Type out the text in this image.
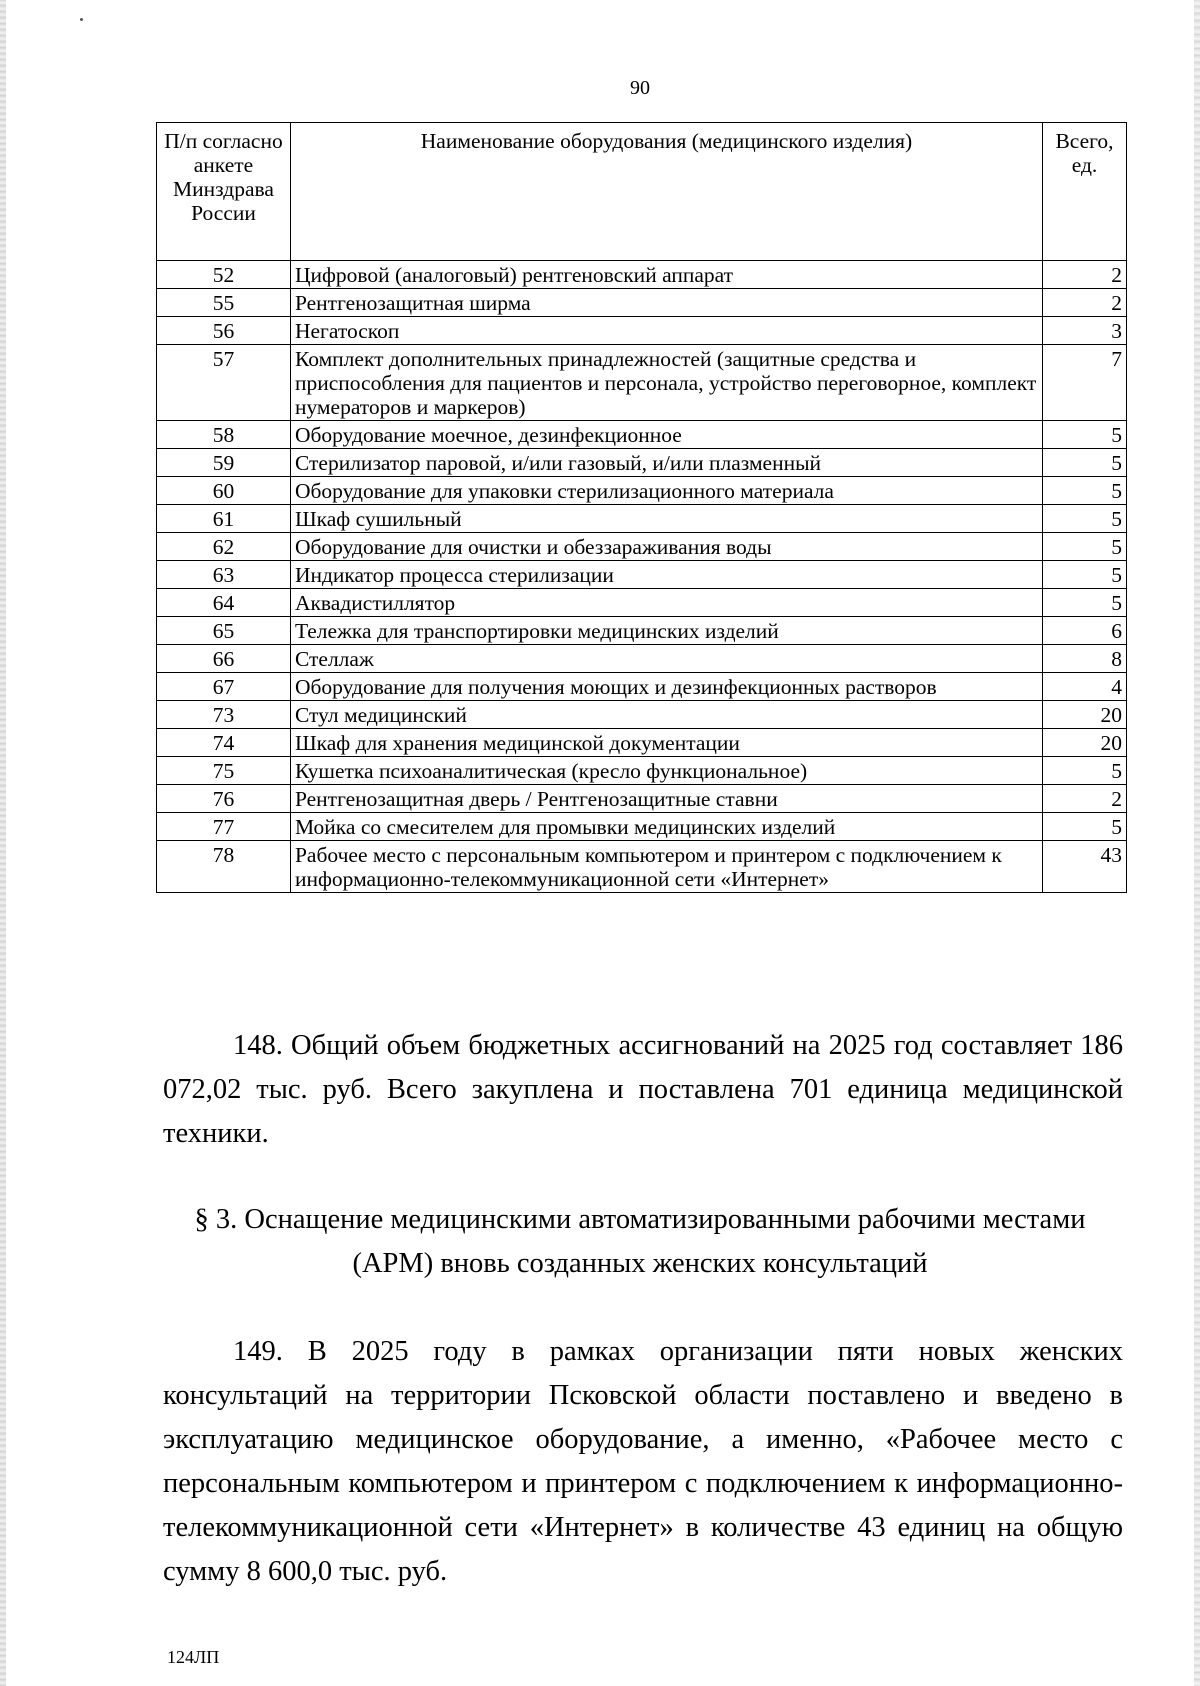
90
П/п согласно анкете Минздрава России	Наименование оборудования (медицинского изделия)	Всего, ед.
52	Цифровой (аналоговый) рентгеновский аппарат	2
55	Рентгенозащитная ширма	2
56	Негатоскоп	3
57	Комплект дополнительных принадлежностей (защитные средства и приспособления для пациентов и персонала, устройство переговорное, комплект нумераторов и маркеров)	7
58	Оборудование моечное, дезинфекционное	5
59	Стерилизатор паровой, и/или газовый, и/или плазменный	5
60	Оборудование для упаковки стерилизационного материала	5
61	Шкаф сушильный	5
62	Оборудование для очистки и обеззараживания воды	5
63	Индикатор процесса стерилизации	5
64	Аквадистиллятор	5
65	Тележка для транспортировки медицинских изделий	6
66	Стеллаж	8
67	Оборудование для получения моющих и дезинфекционных растворов	4
73	Стул медицинский	20
74	Шкаф для хранения медицинской документации	20
75	Кушетка психоаналитическая (кресло функциональное)	5
76	Рентгенозащитная дверь / Рентгенозащитные ставни	2
77	Мойка со смесителем для промывки медицинских изделий	5
78	Рабочее место с персональным компьютером и принтером с подключением к информационно-телекоммуникационной сети «Интернет»	43
148. Общий объем бюджетных ассигнований на 2025 год составляет 186 072,02 тыс. руб. Всего закуплена и поставлена 701 единица медицинской техники.
§ 3. Оснащение медицинскими автоматизированными рабочими местами
(АРМ) вновь созданных женских консультаций
149. В 2025 году в рамках организации пяти новых женских консультаций на территории Псковской области поставлено и введено в эксплуатацию медицинское оборудование, а именно, «Рабочее место с персональным компьютером и принтером с подключением к информационно-телекоммуникационной сети «Интернет» в количестве 43 единиц на общую сумму 8 600,0 тыс. руб.
124ЛП
